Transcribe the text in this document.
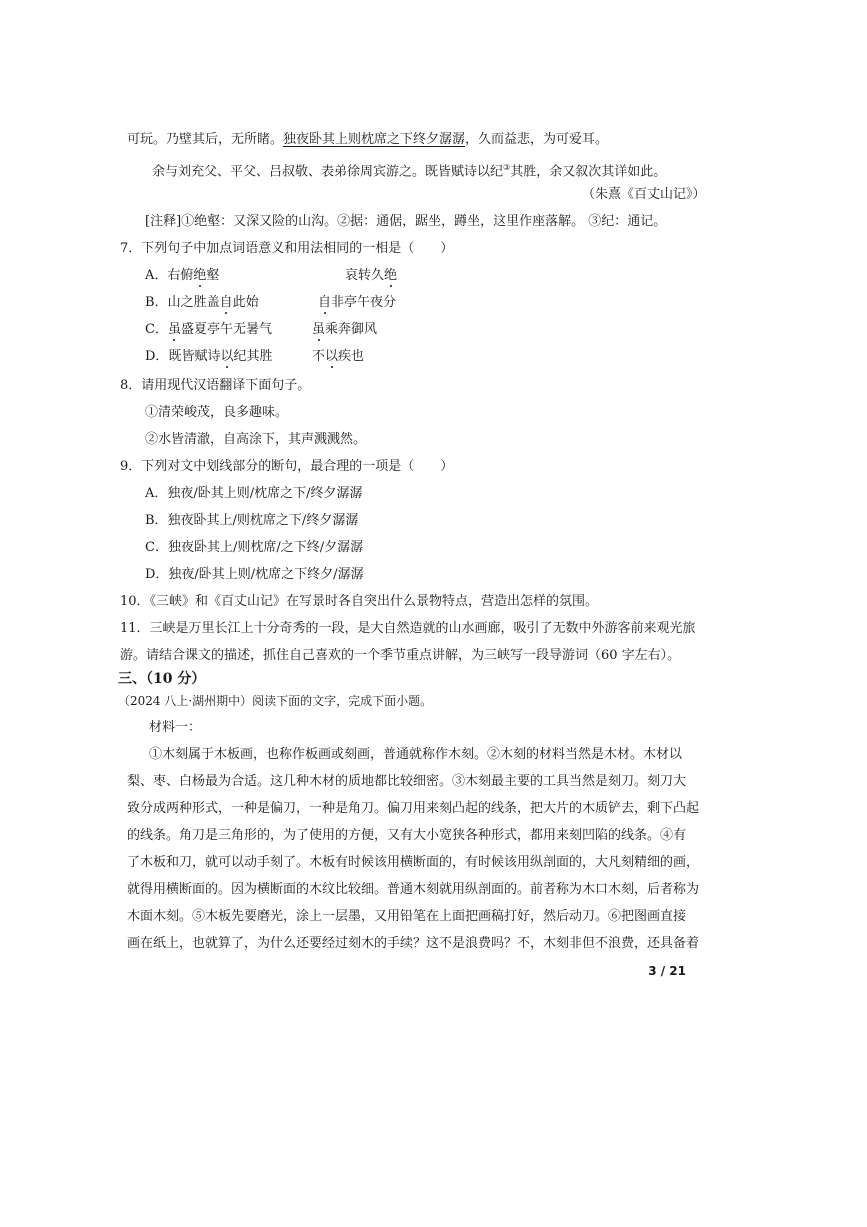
可玩。乃壁其后，无所睹。独夜卧其上则枕席之下终夕潺潺，久而益悲，为可爱耳。
余与刘充父、平父、吕叔敬、表弟徐周宾游之。既皆赋诗以纪③其胜，余又叙次其详如此。
（朱熹《百丈山记》）
[注释]①绝壑：又深又险的山沟。②据：通倨，踞坐，蹲坐，这里作座落解。 ③纪：通记。
7．下列句子中加点词语意义和用法相同的一相是（　　）
A．右俯绝壑	哀转久绝
B．山之胜盖自此始	自非亭午夜分
C．虽盛夏亭午无暑气	虽乘奔御风
D．既皆赋诗以纪其胜	不以疾也
8．请用现代汉语翻译下面句子。
①清荣峻茂，良多趣味。
②水皆清澈，自高涂下，其声溅溅然。
9．下列对文中划线部分的断句，最合理的一项是（　　）
A．独夜/卧其上则/枕席之下/终夕潺潺
B．独夜卧其上/则枕席之下/终夕潺潺
C．独夜卧其上/则枕席/之下终/夕潺潺
D．独夜/卧其上则/枕席之下终夕/潺潺
10．《三峡》和《百丈山记》在写景时各自突出什么景物特点，营造出怎样的氛围。
11．三峡是万里长江上十分奇秀的一段，是大自然造就的山水画廊，吸引了无数中外游客前来观光旅
游。请结合课文的描述，抓住自己喜欢的一个季节重点讲解，为三峡写一段导游词（60 字左右）。
三、（10 分）
（2024 八上·湖州期中）阅读下面的文字，完成下面小题。
材料一：
①木刻属于木板画，也称作板画或刻画，普通就称作木刻。②木刻的材料当然是木材。木材以
梨、枣、白杨最为合适。这几种木材的质地都比较细密。③木刻最主要的工具当然是刻刀。刻刀大
致分成两种形式，一种是偏刀，一种是角刀。偏刀用来刻凸起的线条，把大片的木质铲去，剩下凸起
的线条。角刀是三角形的，为了使用的方便，又有大小宽狭各种形式，都用来刻凹陷的线条。④有
了木板和刀，就可以动手刻了。木板有时候该用横断面的，有时候该用纵剖面的，大凡刻精细的画，
就得用横断面的。因为横断面的木纹比较细。普通木刻就用纵剖面的。前者称为木口木刻，后者称为
木面木刻。⑤木板先要磨光，涂上一层墨，又用铅笔在上面把画稿打好，然后动刀。⑥把图画直接
画在纸上，也就算了，为什么还要经过刻木的手续？这不是浪费吗？不，木刻非但不浪费，还具备着
3 / 21
